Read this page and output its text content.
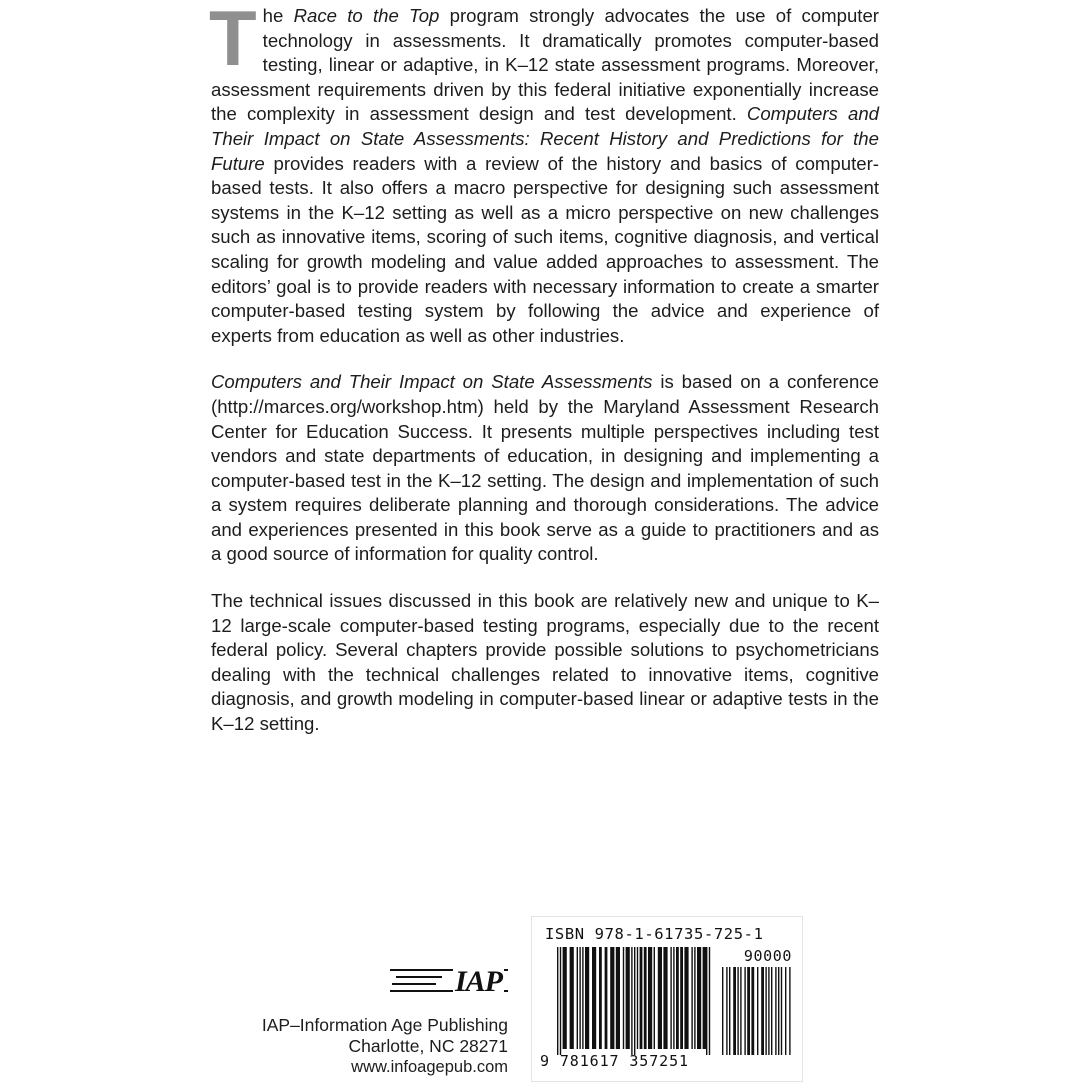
The Race to the Top program strongly advocates the use of computer technology in assessments. It dramatically promotes computer-based testing, linear or adaptive, in K–12 state assessment programs. Moreover, assessment requirements driven by this federal initiative exponentially increase the complexity in assessment design and test development. Computers and Their Impact on State Assessments: Recent History and Predictions for the Future provides readers with a review of the history and basics of computer-based tests. It also offers a macro perspective for designing such assessment systems in the K–12 setting as well as a micro perspective on new challenges such as innovative items, scoring of such items, cognitive diagnosis, and vertical scaling for growth modeling and value added approaches to assessment. The editors’ goal is to provide readers with necessary information to create a smarter computer-based testing system by following the advice and experience of experts from education as well as other industries.

Computers and Their Impact on State Assessments is based on a conference (http://marces.org/workshop.htm) held by the Maryland Assessment Research Center for Education Success. It presents multiple perspectives including test vendors and state departments of education, in designing and implementing a computer-based test in the K–12 setting. The design and implementation of such a system requires deliberate planning and thorough considerations. The advice and experiences presented in this book serve as a guide to practitioners and as a good source of information for quality control.

The technical issues discussed in this book are relatively new and unique to K–12 large-scale computer-based testing programs, especially due to the recent federal policy. Several chapters provide possible solutions to psychometricians dealing with the technical challenges related to innovative items, cognitive diagnosis, and growth modeling in computer-based linear or adaptive tests in the K–12 setting.

IAP
IAP–Information Age Publishing
Charlotte, NC 28271
www.infoagepub.com
ISBN 978-1-61735-725-1
90000
9 781617 357251
